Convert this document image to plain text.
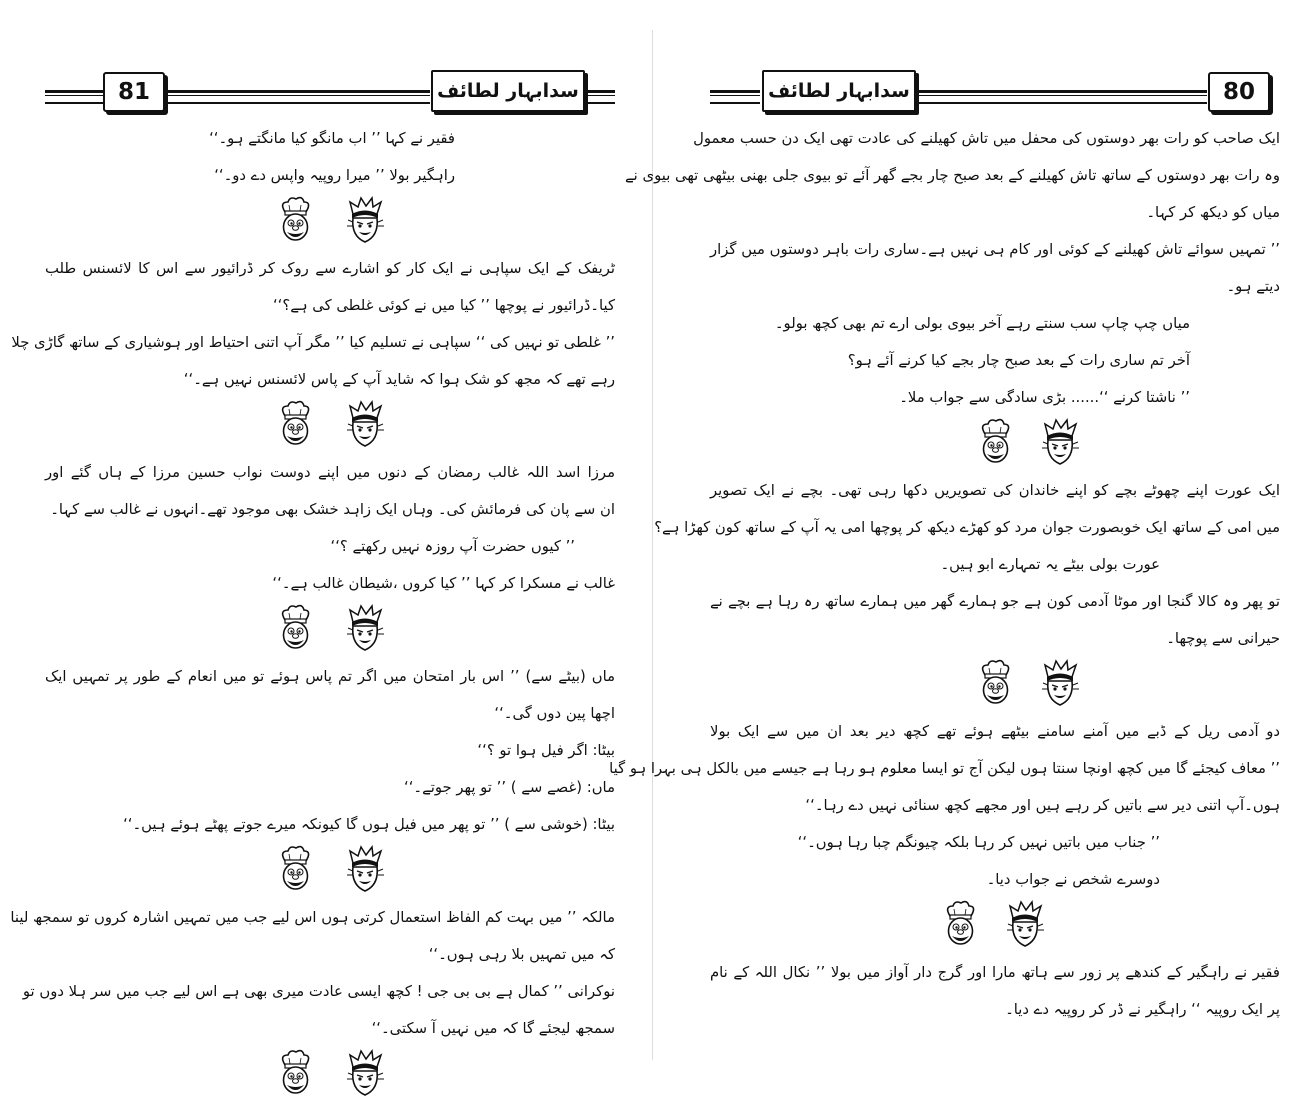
81	سدابہار لطائف
فقیر نے کہا ’’ اب مانگو کیا مانگتے ہو۔‘‘
راہگیر بولا ’’ میرا روپیہ واپس دے دو۔‘‘
ٹریفک کے ایک سپاہی نے ایک کار کو اشارے سے روک کر ڈرائیور سے اس کا لائسنس طلب
کیا۔ڈرائیور نے پوچھا ’’ کیا میں نے کوئی غلطی کی ہے؟‘‘
’’ غلطی تو نہیں کی ‘‘ سپاہی نے تسلیم کیا ’’ مگر آپ اتنی احتیاط اور ہوشیاری کے ساتھ گاڑی چلا
رہے تھے کہ مجھ کو شک ہوا کہ شاید آپ کے پاس لائسنس نہیں ہے۔‘‘
مرزا اسد اللہ غالب رمضان کے دنوں میں اپنے دوست نواب حسین مرزا کے ہاں گئے اور
ان سے پان کی فرمائش کی۔ وہاں ایک زاہد خشک بھی موجود تھے۔انہوں نے غالب سے کہا۔
’’ کیوں حضرت آپ روزہ نہیں رکھتے ؟‘‘
غالب نے مسکرا کر کہا ’’ کیا کروں ،شیطان غالب ہے۔‘‘
ماں (بیٹے سے) ’’ اس بار امتحان میں اگر تم پاس ہوئے تو میں انعام کے طور پر تمہیں ایک
اچھا پین دوں گی۔‘‘
بیٹا: اگر فیل ہوا تو ؟‘‘
ماں: (غصے سے ) ’’ تو پھر جوتے۔‘‘
بیٹا: (خوشی سے ) ’’ تو پھر میں فیل ہوں گا کیونکہ میرے جوتے پھٹے ہوئے ہیں۔‘‘
مالکہ ’’ میں بہت کم الفاظ استعمال کرتی ہوں اس لیے جب میں تمہیں اشارہ کروں تو سمجھ لینا
کہ میں تمہیں بلا رہی ہوں۔‘‘
نوکرانی ’’ کمال ہے بی بی جی ! کچھ ایسی عادت میری بھی ہے اس لیے جب میں سر ہلا دوں تو
سمجھ لیجئے گا کہ میں نہیں آ سکتی۔‘‘
سدابہار لطائف	80
ایک صاحب کو رات بھر دوستوں کی محفل میں تاش کھیلنے کی عادت تھی ایک دن حسب معمول
وہ رات بھر دوستوں کے ساتھ تاش کھیلنے کے بعد صبح چار بجے گھر آئے تو بیوی جلی بھنی بیٹھی تھی بیوی نے
میاں کو دیکھ کر کہا۔
’’ تمہیں سوائے تاش کھیلنے کے کوئی اور کام ہی نہیں ہے۔ساری رات باہر دوستوں میں گزار
دیتے ہو۔
میاں چپ چاپ سب سنتے رہے آخر بیوی بولی ارے تم بھی کچھ بولو۔
آخر تم ساری رات کے بعد صبح چار بجے کیا کرنے آئے ہو؟
’’ ناشتا کرنے ‘‘...... بڑی سادگی سے جواب ملا۔
ایک عورت اپنے چھوٹے بچے کو اپنے خاندان کی تصویریں دکھا رہی تھی۔ بچے نے ایک تصویر
میں امی کے ساتھ ایک خوبصورت جوان مرد کو کھڑے دیکھ کر پوچھا امی یہ آپ کے ساتھ کون کھڑا ہے؟
عورت بولی بیٹے یہ تمہارے ابو ہیں۔
تو پھر وہ کالا گنجا اور موٹا آدمی کون ہے جو ہمارے گھر میں ہمارے ساتھ رہ رہا ہے بچے نے
حیرانی سے پوچھا۔
دو آدمی ریل کے ڈبے میں آمنے سامنے بیٹھے ہوئے تھے کچھ دیر بعد ان میں سے ایک بولا
’’ معاف کیجئے گا میں کچھ اونچا سنتا ہوں لیکن آج تو ایسا معلوم ہو رہا ہے جیسے میں بالکل ہی بہرا ہو گیا
ہوں۔آپ اتنی دیر سے باتیں کر رہے ہیں اور مجھے کچھ سنائی نہیں دے رہا۔‘‘
’’ جناب میں باتیں نہیں کر رہا بلکہ چیونگم چبا رہا ہوں۔‘‘
دوسرے شخص نے جواب دیا۔
فقیر نے راہگیر کے کندھے پر زور سے ہاتھ مارا اور گرج دار آواز میں بولا ’’ نکال اللہ کے نام
پر ایک روپیہ ‘‘ راہگیر نے ڈر کر روپیہ دے دیا۔
